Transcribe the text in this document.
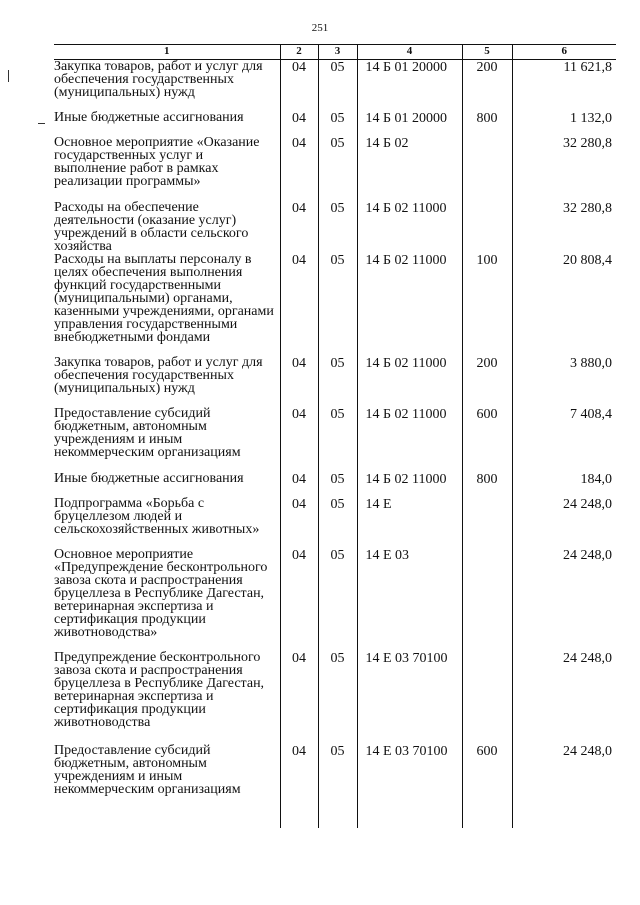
251
1	2	3	4	5	6
Закупка товаров, работ и услуг для обеспечения государственных (муниципальных) нужд	04	05	14 Б 01 20000	200	11 621,8
Иные бюджетные ассигнования	04	05	14 Б 01 20000	800	1 132,0
Основное мероприятие «Оказание государственных услуг и выполнение работ в рамках реализации программы»	04	05	14 Б 02		32 280,8
Расходы на обеспечение деятельности (оказание услуг) учреждений в области сельского хозяйства	04	05	14 Б 02 11000		32 280,8
Расходы на выплаты персоналу в целях обеспечения выполнения функций государственными (муниципальными) органами, казенными учреждениями, органами управления государственными внебюджетными фондами	04	05	14 Б 02 11000	100	20 808,4
Закупка товаров, работ и услуг для обеспечения государственных (муниципальных) нужд	04	05	14 Б 02 11000	200	3 880,0
Предоставление субсидий бюджетным, автономным учреждениям и иным некоммерческим организациям	04	05	14 Б 02 11000	600	7 408,4
Иные бюджетные ассигнования	04	05	14 Б 02 11000	800	184,0
Подпрограмма «Борьба с бруцеллезом людей и сельскохозяйственных животных»	04	05	14 Е		24 248,0
Основное мероприятие «Предупреждение бесконтрольного завоза скота и распространения бруцеллеза в Республике Дагестан, ветеринарная экспертиза и сертификация продукции животноводства»	04	05	14 Е 03		24 248,0
Предупреждение бесконтрольного завоза скота и распространения бруцеллеза в Республике Дагестан, ветеринарная экспертиза и сертификация продукции животноводства	04	05	14 Е 03 70100		24 248,0
Предоставление субсидий бюджетным, автономным учреждениям и иным некоммерческим организациям	04	05	14 Е 03 70100	600	24 248,0
